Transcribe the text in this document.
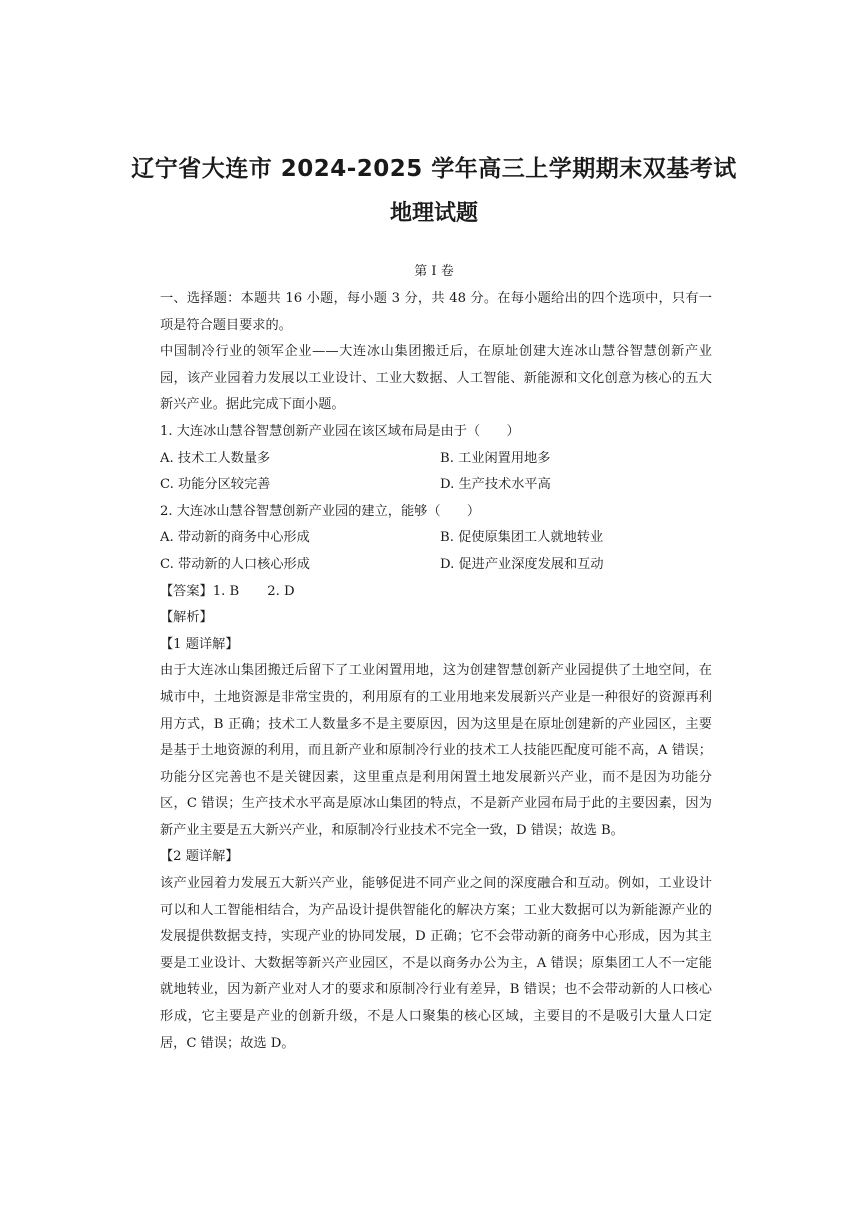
辽宁省大连市 2024-2025 学年高三上学期期末双基考试
地理试题
第 I 卷

一、选择题：本题共 16 小题，每小题 3 分，共 48 分。在每小题给出的四个选项中，只有一项是符合题目要求的。

中国制冷行业的领军企业——大连冰山集团搬迁后，在原址创建大连冰山慧谷智慧创新产业园，该产业园着力发展以工业设计、工业大数据、人工智能、新能源和文化创意为核心的五大新兴产业。据此完成下面小题。

1. 大连冰山慧谷智慧创新产业园在该区域布局是由于（　　）

A. 技术工人数量多	B. 工业闲置用地多
C. 功能分区较完善	D. 生产技术水平高

2. 大连冰山慧谷智慧创新产业园的建立，能够（　　）

A. 带动新的商务中心形成	B. 促使原集团工人就地转业
C. 带动新的人口核心形成	D. 促进产业深度发展和互动

【答案】1. B 2. D

【解析】

【1 题详解】

由于大连冰山集团搬迁后留下了工业闲置用地，这为创建智慧创新产业园提供了土地空间，在城市中，土地资源是非常宝贵的，利用原有的工业用地来发展新兴产业是一种很好的资源再利用方式，B 正确；技术工人数量多不是主要原因，因为这里是在原址创建新的产业园区，主要是基于土地资源的利用，而且新产业和原制冷行业的技术工人技能匹配度可能不高，A 错误；功能分区完善也不是关键因素，这里重点是利用闲置土地发展新兴产业，而不是因为功能分区，C 错误；生产技术水平高是原冰山集团的特点，不是新产业园布局于此的主要因素，因为新产业主要是五大新兴产业，和原制冷行业技术不完全一致，D 错误；故选 B。

【2 题详解】

该产业园着力发展五大新兴产业，能够促进不同产业之间的深度融合和互动。例如，工业设计可以和人工智能相结合，为产品设计提供智能化的解决方案；工业大数据可以为新能源产业的发展提供数据支持，实现产业的协同发展，D 正确；它不会带动新的商务中心形成，因为其主要是工业设计、大数据等新兴产业园区，不是以商务办公为主，A 错误；原集团工人不一定能就地转业，因为新产业对人才的要求和原制冷行业有差异，B 错误；也不会带动新的人口核心形成，它主要是产业的创新升级，不是人口聚集的核心区域，主要目的不是吸引大量人口定居，C 错误；故选 D。
